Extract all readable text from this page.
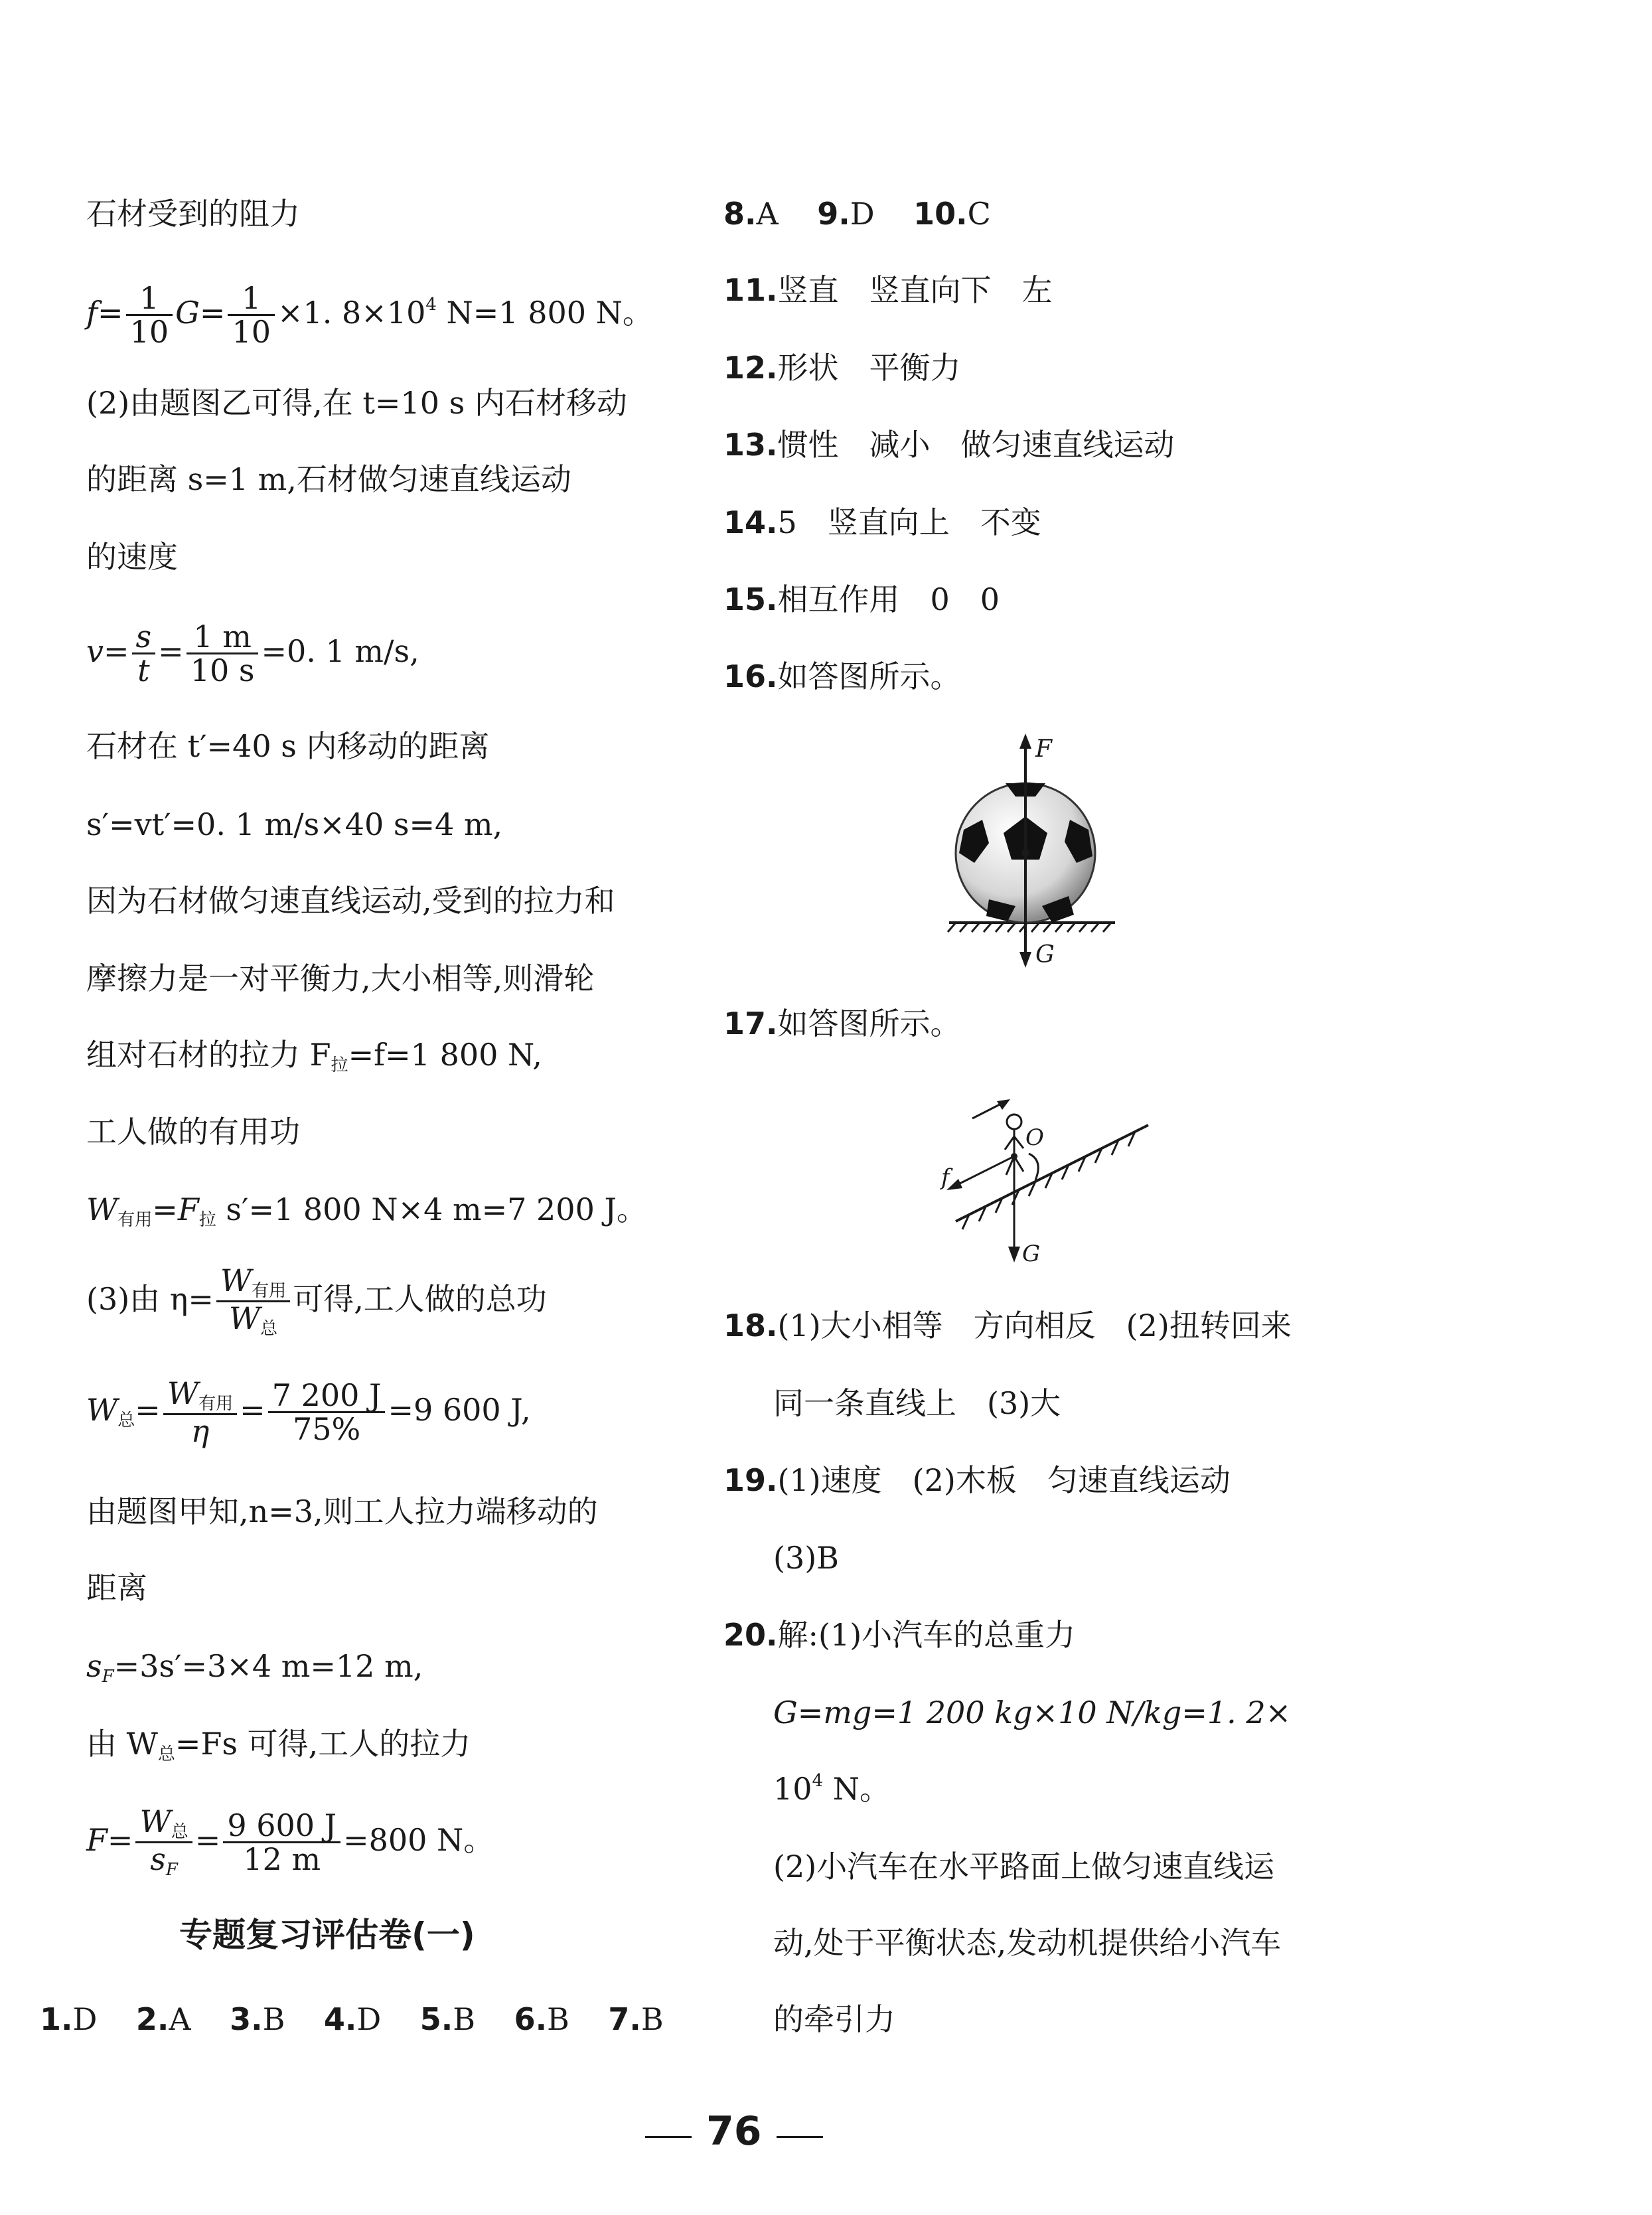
石材受到的阻力
$f= \frac{1}{10} G= \frac{1}{10} \times 1$. $8\times 10^4$ N=1 800 N。
(2)由题图乙可得,在 t=10 s 内石材移动
的距离 s=1 m,石材做匀速直线运动
的速度
$v= \frac{s}{t} = \frac{1 m}{10 s} =0$. 1 m/s,
石材在 t′=40 s 内移动的距离
s′=vt′=0. 1 m/s×40 s=4 m,
因为石材做匀速直线运动,受到的拉力和
摩擦力是一对平衡力,大小相等,则滑轮
组对石材的拉力 $F_拉=f=1$ 800 N,
工人做的有用功
$W_{有用}=F_拉$ s′=1 800 N×4 m=7 200 J。
(3)由 $\eta= \frac{W_{有用}}{W_总}$ 可得,工人做的总功
$W_总= \frac{W_{有用}}{\eta} = \frac{7 200 J}{75\%} =9$ 600 J,
由题图甲知,n=3,则工人拉力端移动的
距离
$s_F=3s'=3\times 4$ m=12 m,
由 $W_总=Fs$ 可得,工人的拉力
$F= \frac{W_总}{s_F} = \frac{9 600 J}{12 m} =800$ N。
专题复习评估卷(一)
1.D 2.A 3.B 4.D 5.B 6.B 7.B
8.A 9.D 10.C
11.竖直　竖直向下　左
12.形状　平衡力
13.惯性　减小　做匀速直线运动
14.5　竖直向上　不变
15.相互作用　0　0
16.如答图所示。
F
G
17.如答图所示。
O
f
G
18.(1)大小相等　方向相反　(2)扭转回来
同一条直线上　(3)大
19.(1)速度　(2)木板　匀速直线运动
(3)B
20.解:(1)小汽车的总重力
G=mg=1 200 kg×10 N/kg=1. 2×
$10^4$ N。
(2)小汽车在水平路面上做匀速直线运
动,处于平衡状态,发动机提供给小汽车
的牵引力
76
